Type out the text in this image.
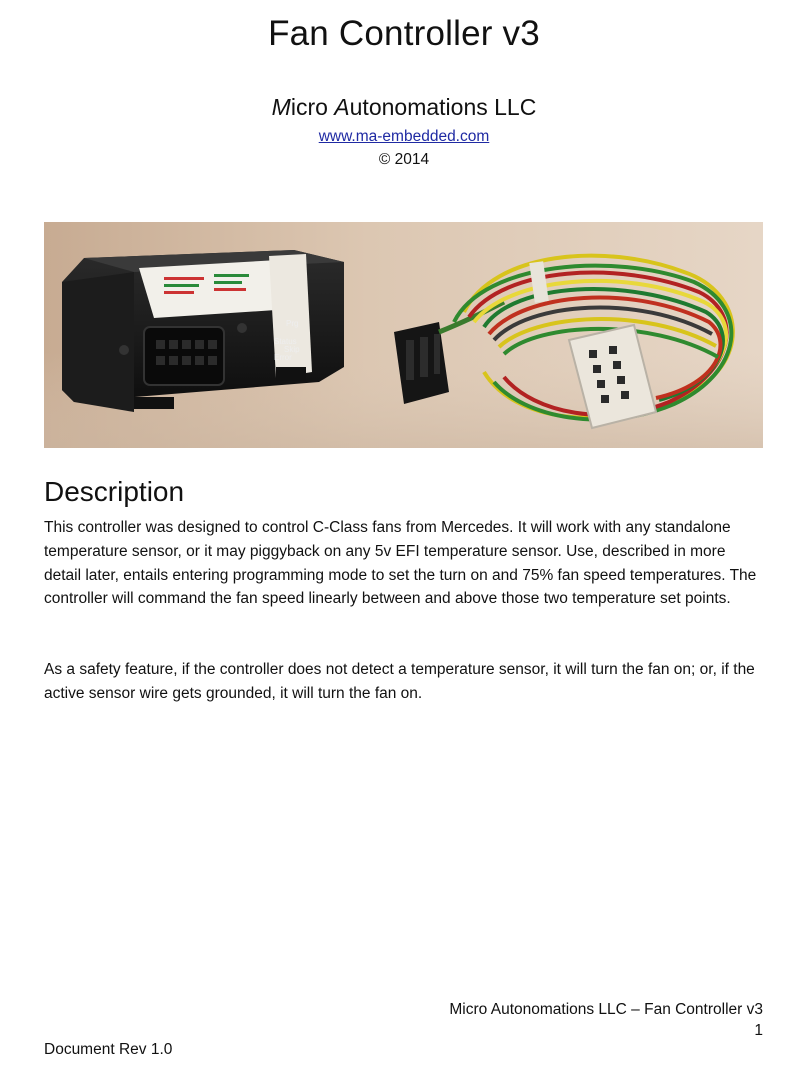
Fan Controller v3
Micro Autonomations LLC
www.ma-embedded.com
© 2014
Prg
Status
Skip
Error
Description
This controller was designed to control C-Class fans from Mercedes. It will work with any standalone temperature sensor, or it may piggyback on any 5v EFI temperature sensor. Use, described in more detail later, entails entering programming mode to set the turn on and 75% fan speed temperatures. The controller will command the fan speed linearly between and above those two temperature set points.
As a safety feature, if the controller does not detect a temperature sensor, it will turn the fan on; or, if the active sensor wire gets grounded, it will turn the fan on.
Micro Autonomations LLC – Fan Controller v3
1
Document Rev 1.0
